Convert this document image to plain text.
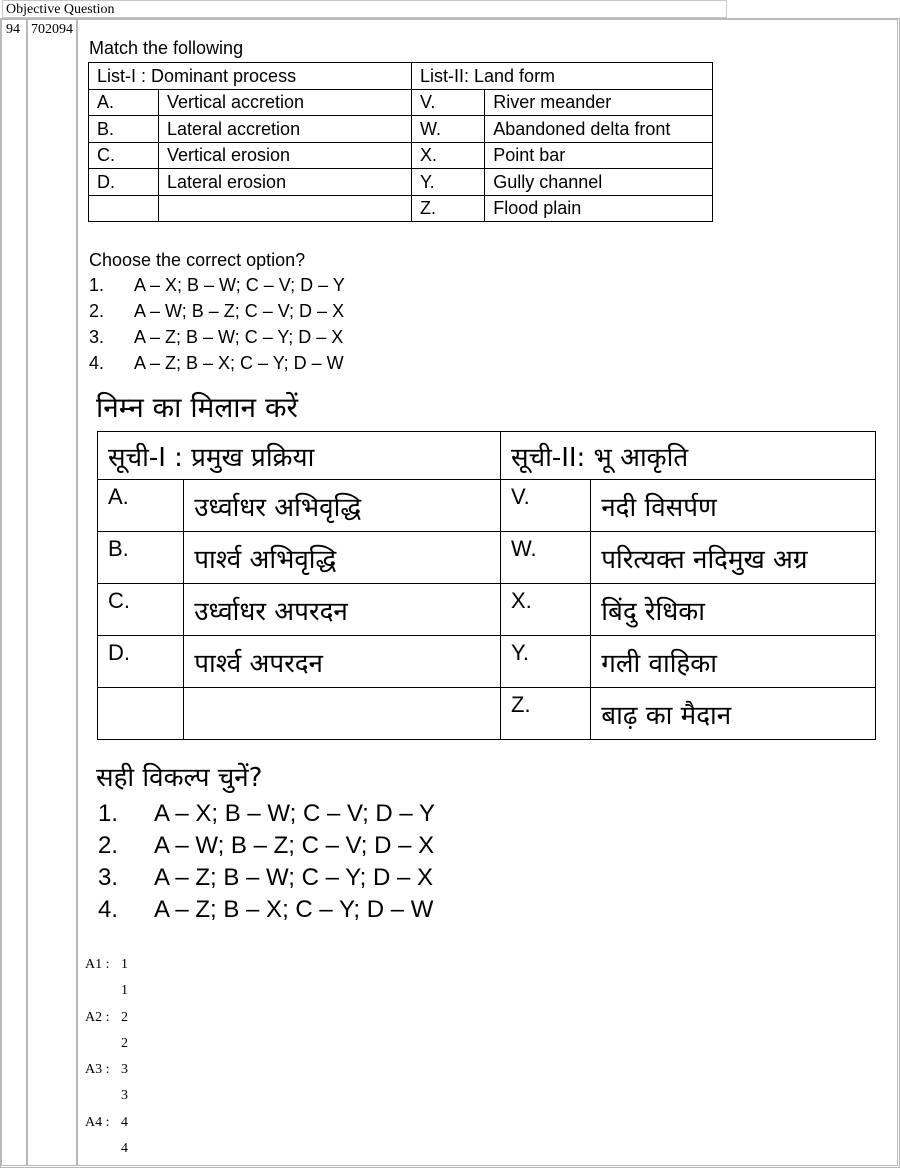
Objective Question
94 702094
Match the following
List-I : Dominant process		List-II: Land form	
A.	Vertical accretion	V.	River meander
B.	Lateral accretion	W.	Abandoned delta front
C.	Vertical erosion	X.	Point bar
D.	Lateral erosion	Y.	Gully channel
		Z.	Flood plain
Choose the correct option?
1. A – X; B – W; C – V; D – Y
2. A – W; B – Z; C – V; D – X
3. A – Z; B – W; C – Y; D – X
4. A – Z; B – X; C – Y; D – W
निम्न का मिलान करें
सूची-I : प्रमुख प्रक्रिया		सूची-II: भू आकृति	
A.	उर्ध्वाधर अभिवृद्धि	V.	नदी विसर्पण
B.	पार्श्व अभिवृद्धि	W.	परित्यक्त नदिमुख अग्र
C.	उर्ध्वाधर अपरदन	X.	बिंदु रेधिका
D.	पार्श्व अपरदन	Y.	गली वाहिका
		Z.	बाढ़ का मैदान
सही विकल्प चुनें?
1. A – X; B – W; C – V; D – Y
2. A – W; B – Z; C – V; D – X
3. A – Z; B – W; C – Y; D – X
4. A – Z; B – X; C – Y; D – W
A1 : 1
1
A2 : 2
2
A3 : 3
3
A4 : 4
4
